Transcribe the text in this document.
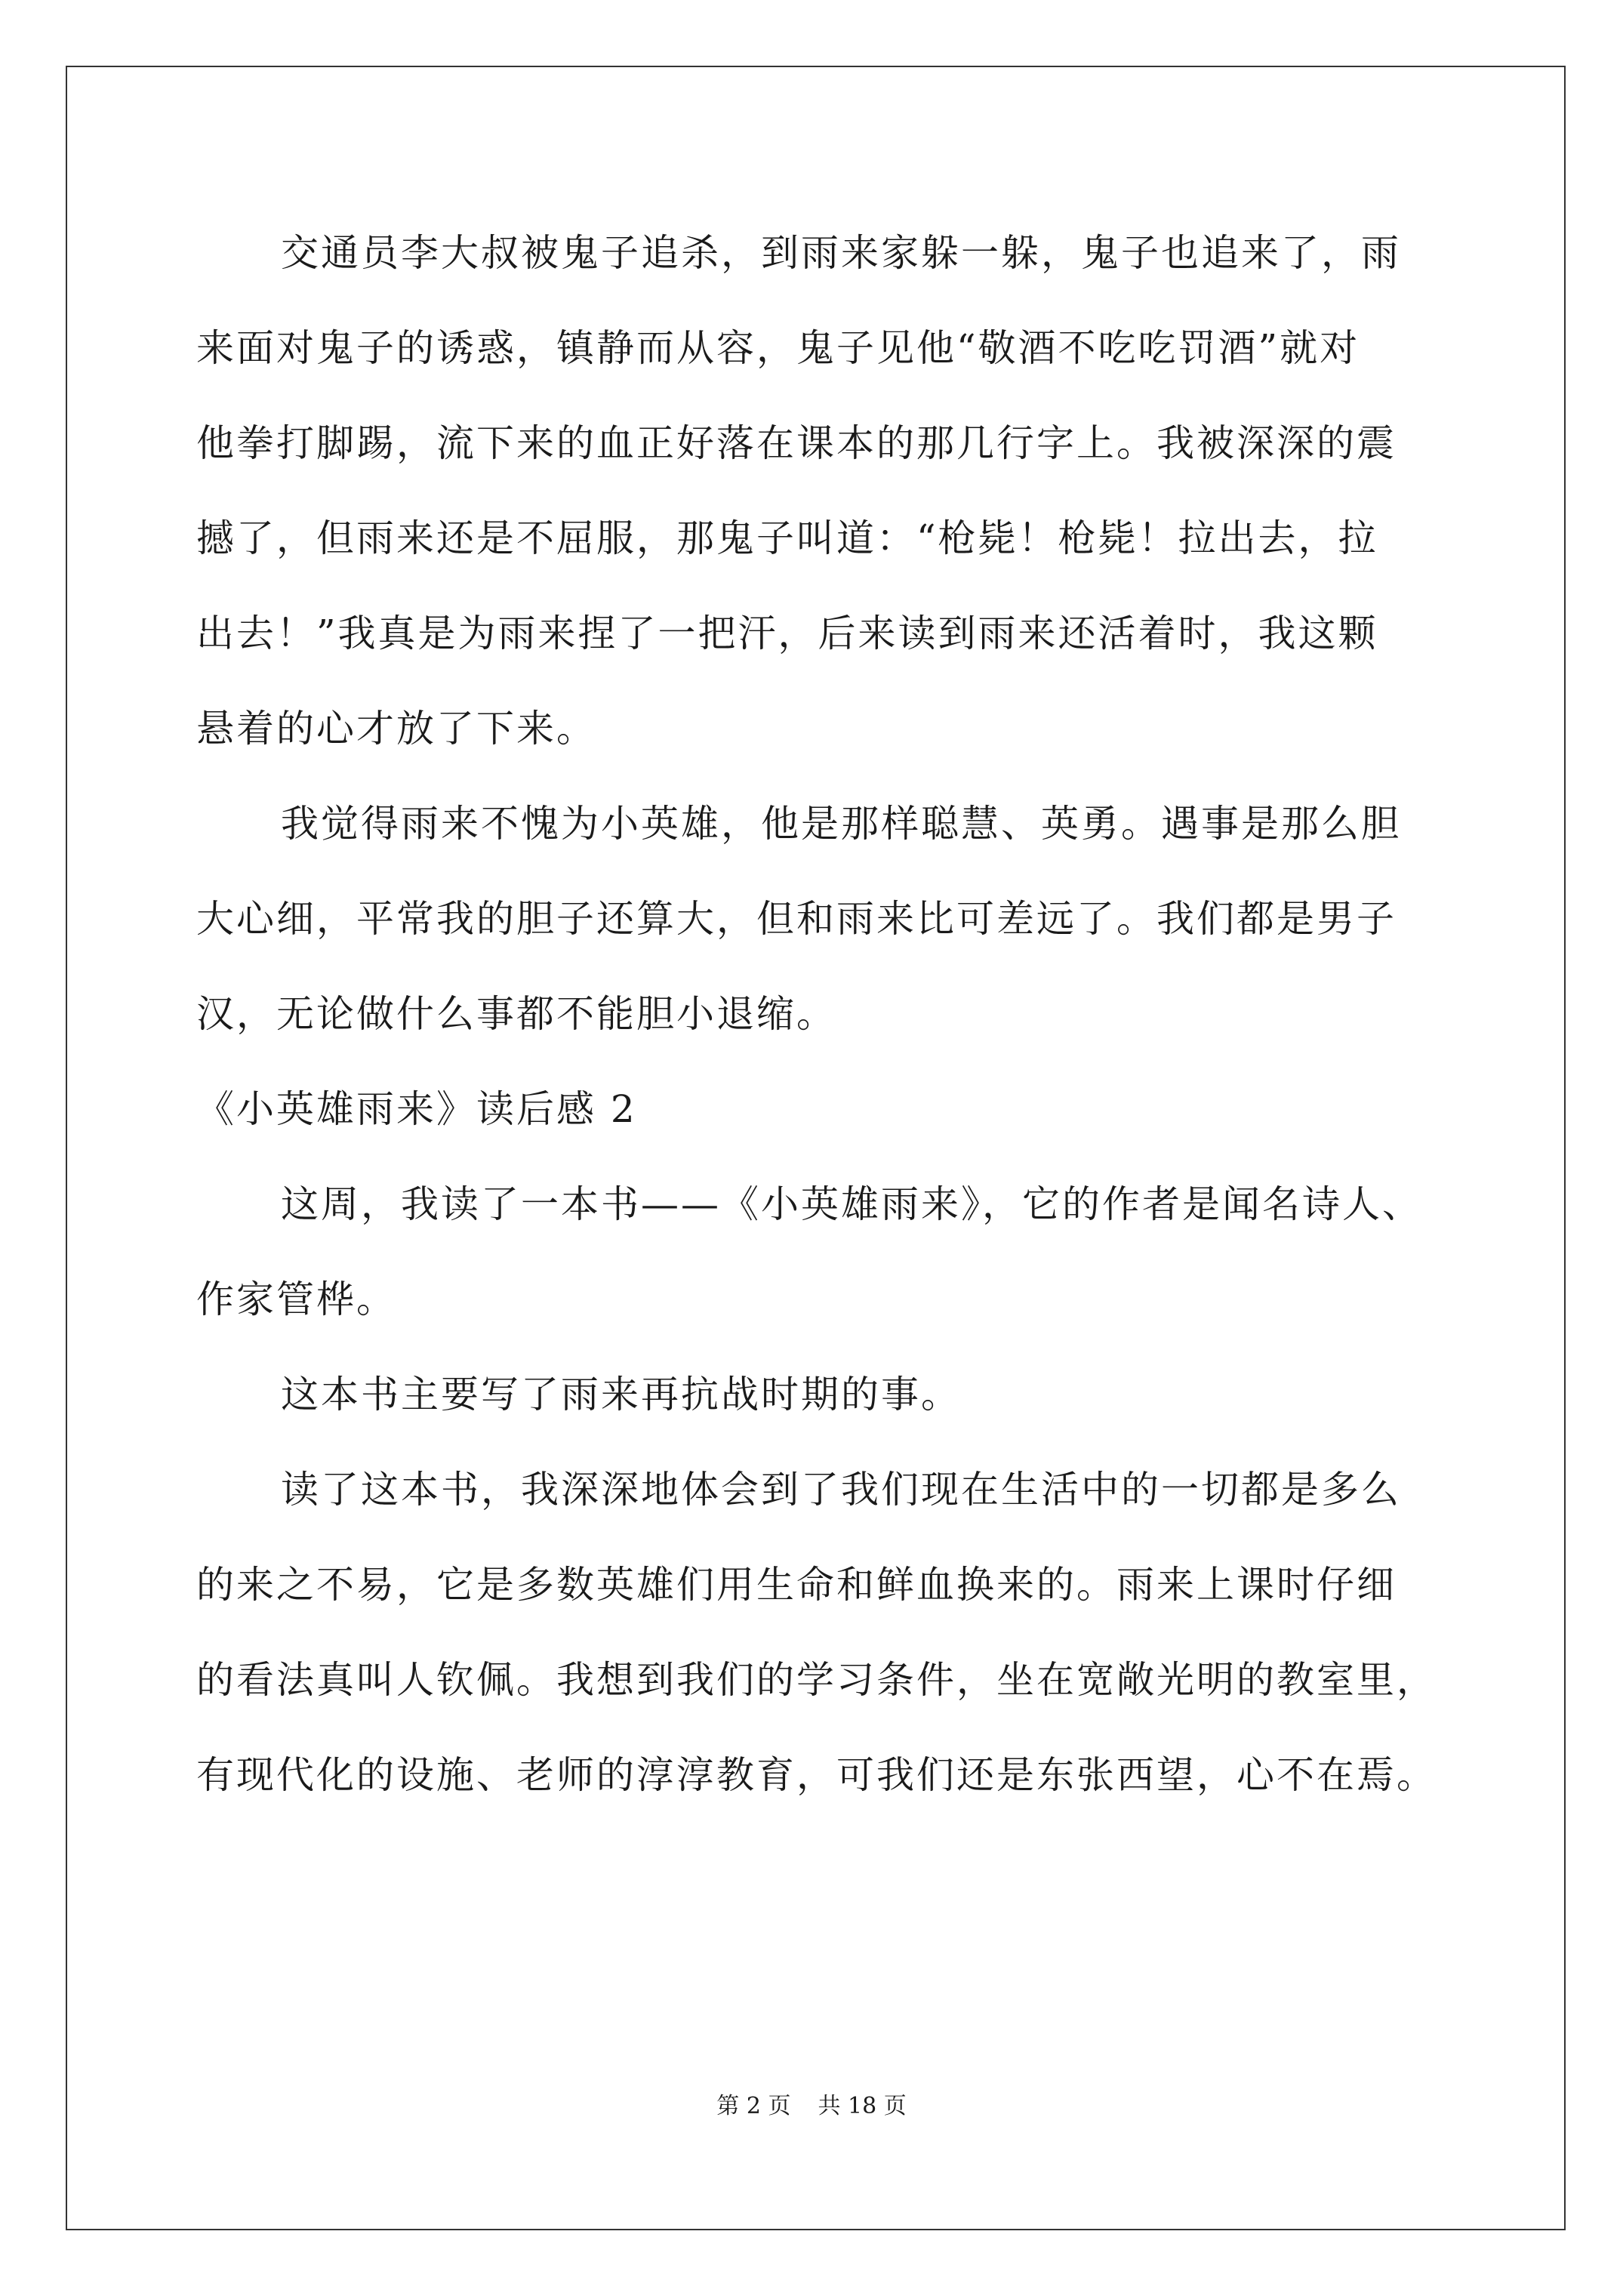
交通员李大叔被鬼子追杀，到雨来家躲一躲，鬼子也追来了，雨
来面对鬼子的诱惑，镇静而从容，鬼子见他“敬酒不吃吃罚酒”就对
他拳打脚踢，流下来的血正好落在课本的那几行字上。我被深深的震
撼了，但雨来还是不屈服，那鬼子叫道：“枪毙！枪毙！拉出去，拉
出去！”我真是为雨来捏了一把汗，后来读到雨来还活着时，我这颗
悬着的心才放了下来。
我觉得雨来不愧为小英雄，他是那样聪慧、英勇。遇事是那么胆
大心细，平常我的胆子还算大，但和雨来比可差远了。我们都是男子
汉，无论做什么事都不能胆小退缩。
《小英雄雨来》读后感 2
这周，我读了一本书——《小英雄雨来》，它的作者是闻名诗人、
作家管桦。
这本书主要写了雨来再抗战时期的事。
读了这本书，我深深地体会到了我们现在生活中的一切都是多么
的来之不易，它是多数英雄们用生命和鲜血换来的。雨来上课时仔细
的看法真叫人钦佩。我想到我们的学习条件，坐在宽敞光明的教室里，
有现代化的设施、老师的淳淳教育，可我们还是东张西望，心不在焉。
第 2 页 共 18 页
